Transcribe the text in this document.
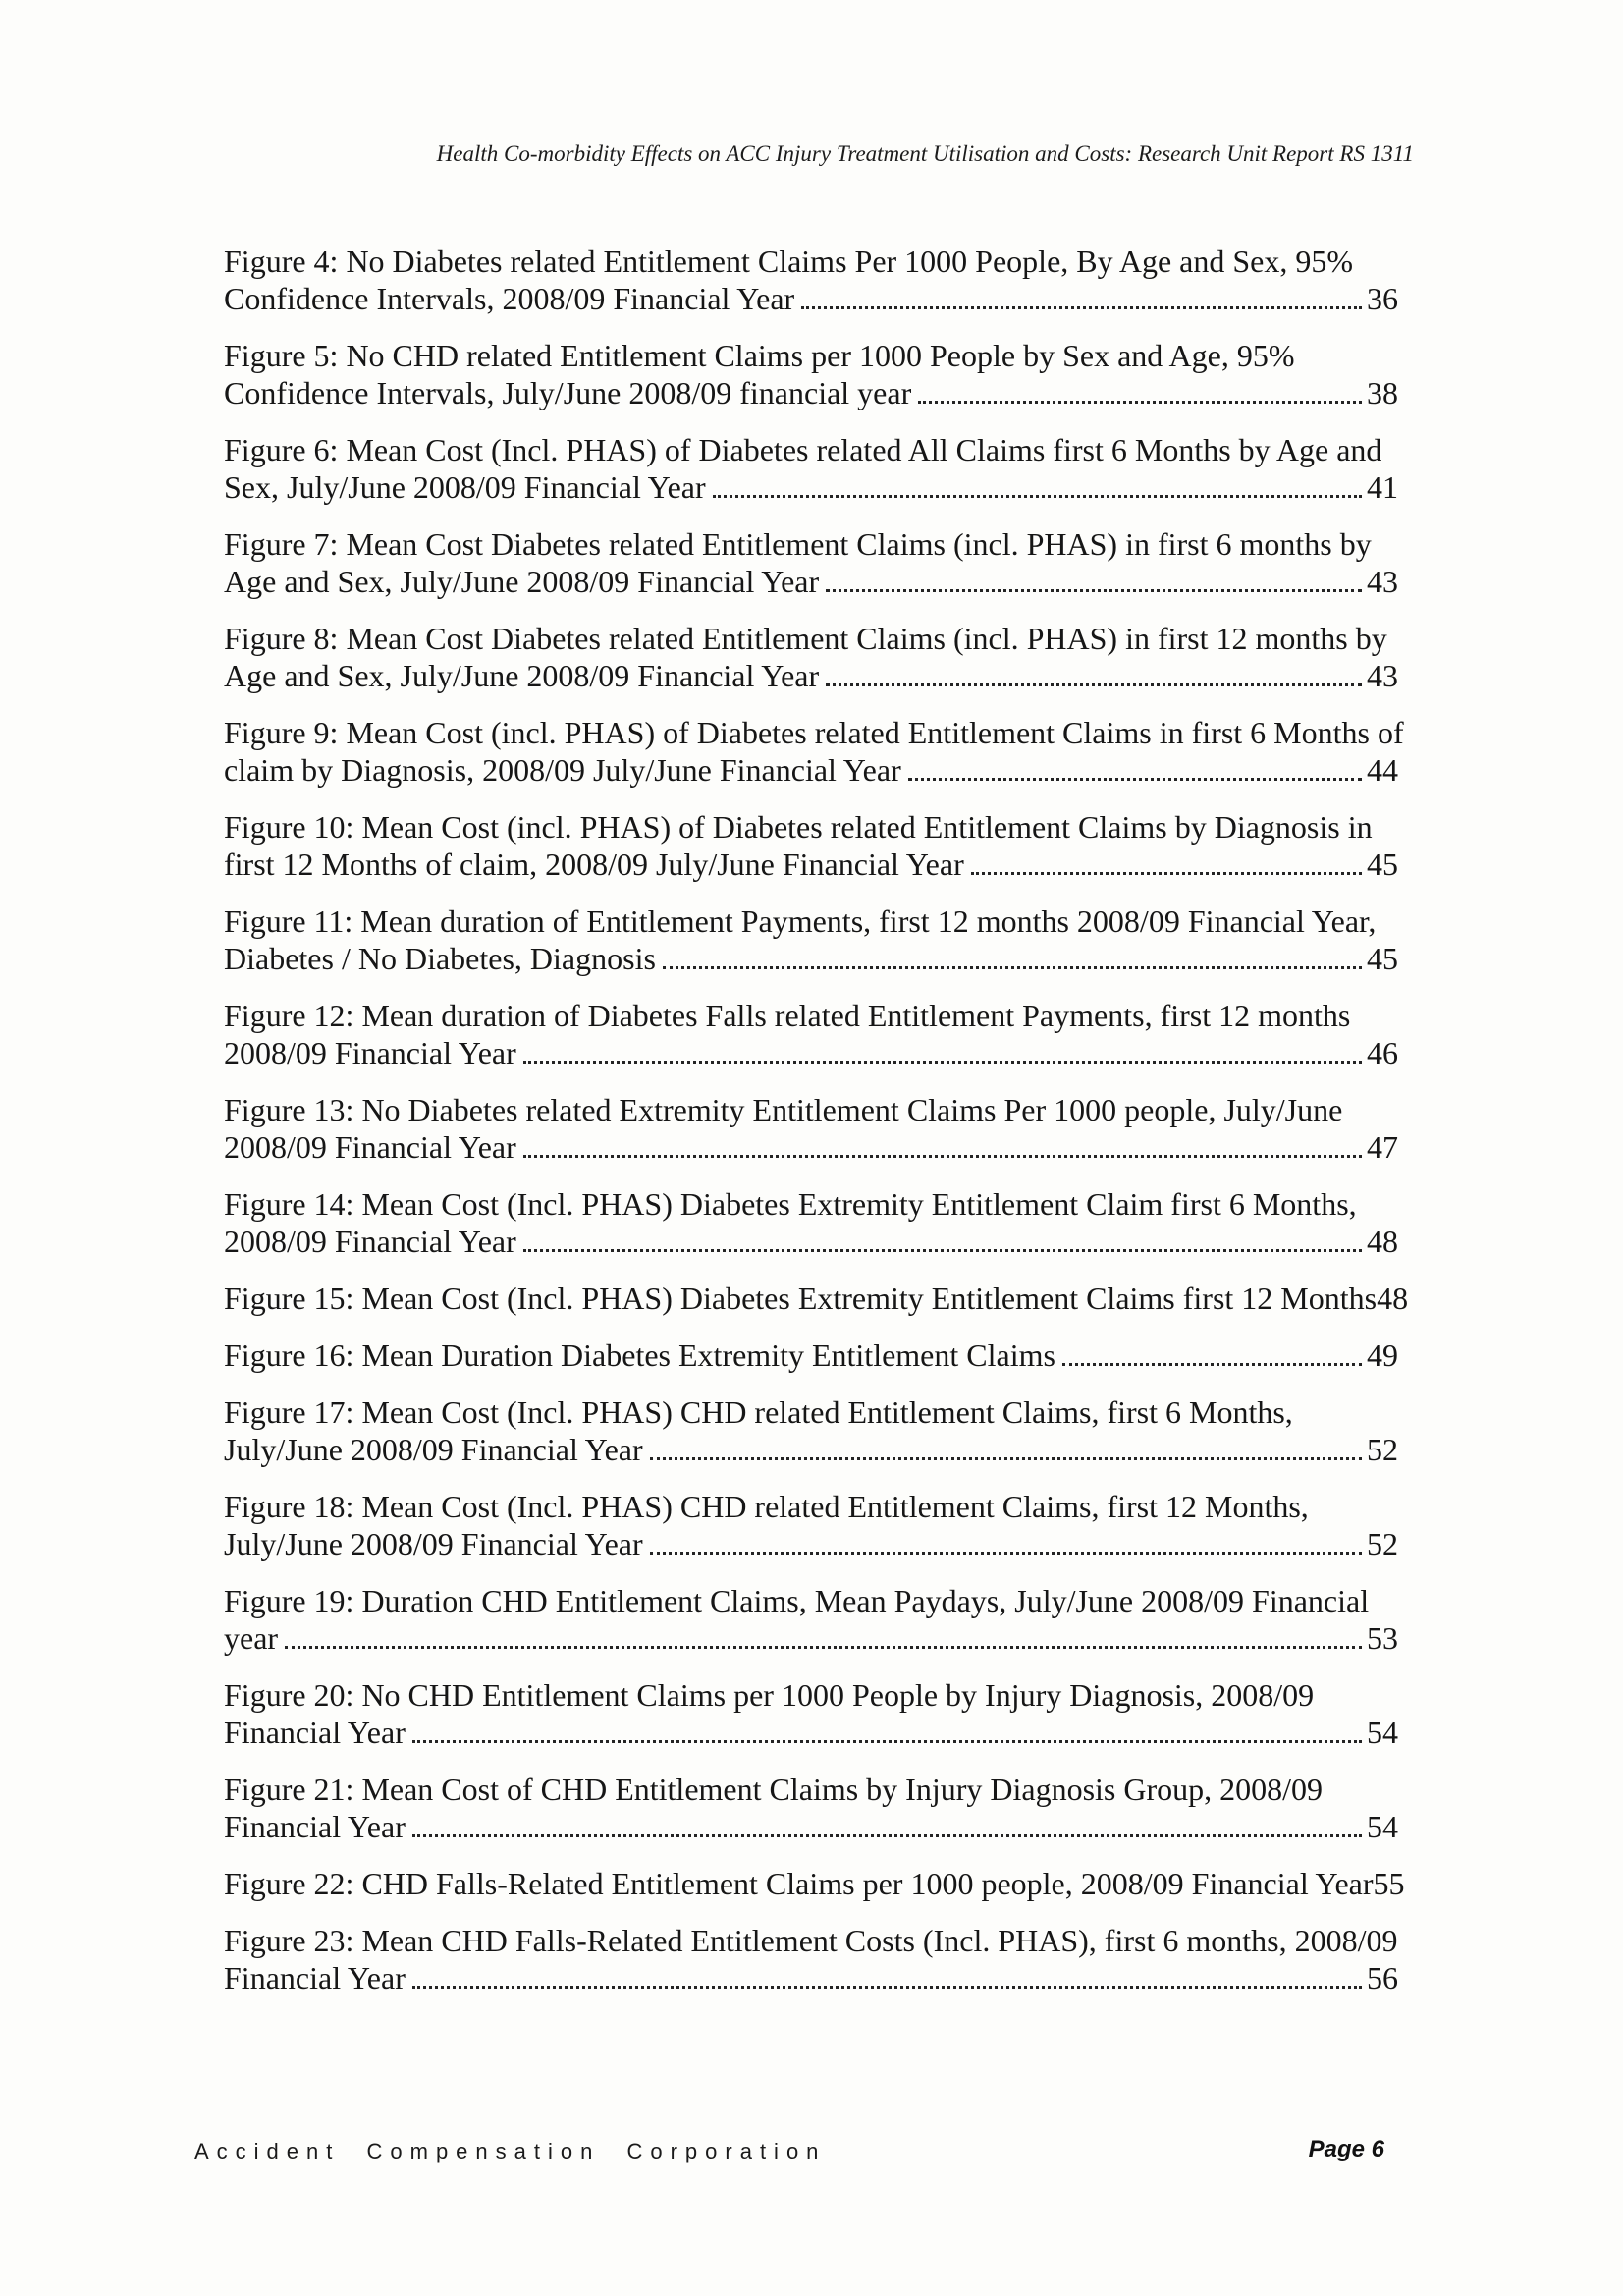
Health Co-morbidity Effects on ACC Injury Treatment Utilisation and Costs: Research Unit Report RS 1311
Figure 4: No Diabetes related Entitlement Claims Per 1000 People, By Age and Sex, 95%
Confidence Intervals, 2008/09 Financial Year	36
Figure 5: No CHD related Entitlement Claims per 1000 People by Sex and Age, 95%
Confidence Intervals, July/June 2008/09 financial year	38
Figure 6: Mean Cost (Incl. PHAS) of Diabetes related All Claims first 6 Months by Age and
Sex, July/June 2008/09 Financial Year	41
Figure 7: Mean Cost Diabetes related Entitlement Claims (incl. PHAS) in first 6 months by
Age and Sex, July/June 2008/09 Financial Year	43
Figure 8: Mean Cost Diabetes related Entitlement Claims (incl. PHAS) in first 12 months by
Age and Sex, July/June 2008/09 Financial Year	43
Figure 9: Mean Cost (incl. PHAS) of Diabetes related Entitlement Claims in first 6 Months of
claim by Diagnosis, 2008/09 July/June Financial Year	44
Figure 10: Mean Cost (incl. PHAS) of Diabetes related Entitlement Claims by Diagnosis in
first 12 Months of claim, 2008/09 July/June Financial Year	45
Figure 11: Mean duration of Entitlement Payments, first 12 months 2008/09 Financial Year,
Diabetes / No Diabetes, Diagnosis	45
Figure 12: Mean duration of Diabetes Falls related Entitlement Payments, first 12 months
2008/09 Financial Year	46
Figure 13: No Diabetes related Extremity Entitlement Claims Per 1000 people, July/June
2008/09 Financial Year	47
Figure 14: Mean Cost (Incl. PHAS) Diabetes Extremity Entitlement Claim first 6 Months,
2008/09 Financial Year	48
Figure 15: Mean Cost (Incl. PHAS) Diabetes Extremity Entitlement Claims first 12 Months 48
Figure 16: Mean Duration Diabetes Extremity Entitlement Claims	49
Figure 17: Mean Cost (Incl. PHAS) CHD related Entitlement Claims, first 6 Months,
July/June 2008/09 Financial Year	52
Figure 18: Mean Cost (Incl. PHAS) CHD related Entitlement Claims, first 12 Months,
July/June 2008/09 Financial Year	52
Figure 19: Duration CHD Entitlement Claims, Mean Paydays, July/June 2008/09 Financial
year	53
Figure 20: No CHD Entitlement Claims per 1000 People by Injury Diagnosis, 2008/09
Financial Year	54
Figure 21: Mean Cost of CHD Entitlement Claims by Injury Diagnosis Group, 2008/09
Financial Year	54
Figure 22: CHD Falls-Related Entitlement Claims per 1000 people, 2008/09 Financial Year 55
Figure 23: Mean CHD Falls-Related Entitlement Costs (Incl. PHAS), first 6 months, 2008/09
Financial Year	56
Accident Compensation Corporation	Page 6
